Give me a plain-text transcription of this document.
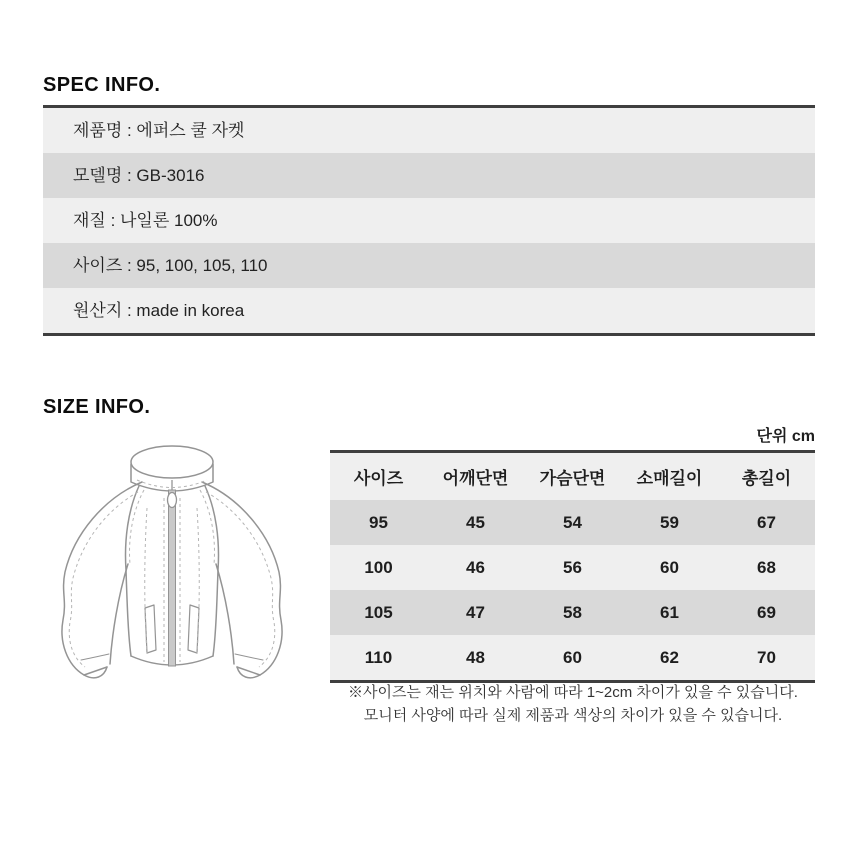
SPEC INFO.
제품명 : 에퍼스 쿨 자켓
모델명 : GB-3016
재질 : 나일론 100%
사이즈 : 95, 100, 105, 110
원산지 : made in korea
SIZE INFO.
단위 cm
사이즈	어깨단면	가슴단면	소매길이	총길이
95	45	54	59	67
100	46	56	60	68
105	47	58	61	69
110	48	60	62	70
※사이즈는 재는 위치와 사람에 따라 1~2cm 차이가 있을 수 있습니다.
모니터 사양에 따라 실제 제품과 색상의 차이가 있을 수 있습니다.
